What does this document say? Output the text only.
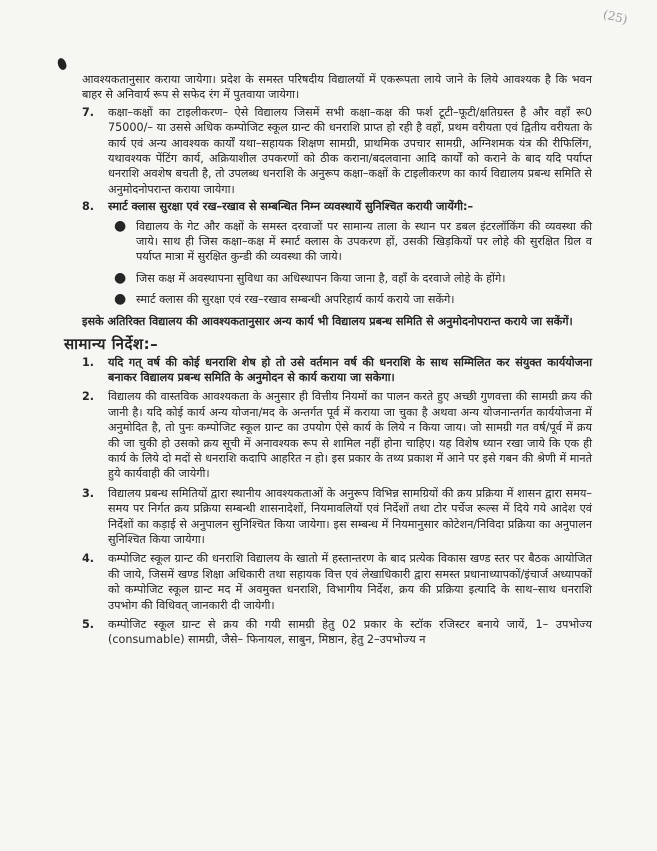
(25)

आवश्यकतानुसार कराया जायेगा। प्रदेश के समस्त परिषदीय विद्यालयों में एकरूपता लाये जाने के लिये आवश्यक है कि भवन बाहर से अनिवार्य रूप से सफेद रंग में पुतवाया जायेगा।

7. कक्षा–कक्षों का टाइलीकरण– ऐसे विद्यालय जिसमें सभी कक्षा–कक्ष की फर्श टूटी–फूटी/क्षतिग्रस्त है और वहाँ रू0 75000/– या उससे अधिक कम्पोजिट स्कूल ग्रान्ट की धनराशि प्राप्त हो रही है वहाँ, प्रथम वरीयता एवं द्वितीय वरीयता के कार्य एवं अन्य आवश्यक कार्यों यथा–सहायक शिक्षण सामग्री, प्राथमिक उपचार सामग्री, अग्निशमक यंत्र की रीफिलिंग, यथावश्यक पेंटिंग कार्य, अक्रियाशील उपकरणों को ठीक कराना/बदलवाना आदि कार्यों को कराने के बाद यदि पर्याप्त धनराशि अवशेष बचती है, तो उपलब्ध धनराशि के अनुरूप कक्षा–कक्षों के टाइलीकरण का कार्य विद्यालय प्रबन्ध समिति से अनुमोदनोपरान्त कराया जायेगा।

8. स्मार्ट क्लास सुरक्षा एवं रख–रखाव से सम्बन्धित निम्न व्यवस्थायें सुनिश्चित करायी जायेंगी:–

● विद्यालय के गेट और कक्षों के समस्त दरवाजों पर सामान्य ताला के स्थान पर डबल इंटरलॉकिंग की व्यवस्था की जाये। साथ ही जिस कक्षा–कक्ष में स्मार्ट क्लास के उपकरण हों, उसकी खिड़कियों पर लोहे की सुरक्षित ग्रिल व पर्याप्त मात्रा में सुरक्षित कुन्डी की व्यवस्था की जाये।

● जिस कक्ष में अवस्थापना सुविधा का अधिस्थापन किया जाना है, वहाँ के दरवाजे लोहे के होंगे।

● स्मार्ट क्लास की सुरक्षा एवं रख–रखाव सम्बन्धी अपरिहार्य कार्य कराये जा सकेंगे।

इसके अतिरिक्त विद्यालय की आवश्यकतानुसार अन्य कार्य भी विद्यालय प्रबन्ध समिति से अनुमोदनोपरान्त कराये जा सकेंगें।

सामान्य निर्देश:–
1. यदि गत् वर्ष की कोई धनराशि शेष हो तो उसे वर्तमान वर्ष की धनराशि के साथ सम्मिलित कर संयुक्त कार्ययोजना बनाकर विद्यालय प्रबन्ध समिति के अनुमोदन से कार्य कराया जा सकेगा।

2. विद्यालय की वास्तविक आवश्यकता के अनुसार ही वित्तीय नियमों का पालन करते हुए अच्छी गुणवत्ता की सामग्री क्रय की जानी है। यदि कोई कार्य अन्य योजना/मद के अन्तर्गत पूर्व में कराया जा चुका है अथवा अन्य योजनान्तर्गत कार्ययोजना में अनुमोदित है, तो पुनः कम्पोजिट स्कूल ग्रान्ट का उपयोग ऐसे कार्य के लिये न किया जाय। जो सामग्री गत वर्ष/पूर्व में क्रय की जा चुकी हो उसको क्रय सूची में अनावश्यक रूप से शामिल नहीं होना चाहिए। यह विशेष ध्यान रखा जाये कि एक ही कार्य के लिये दो मदों से धनराशि कदापि आहरित न हो। इस प्रकार के तथ्य प्रकाश में आने पर इसे गबन की श्रेणी में मानते हुये कार्यवाही की जायेगी।

3. विद्यालय प्रबन्ध समितियों द्वारा स्थानीय आवश्यकताओं के अनुरूप विभिन्न सामग्रियों की क्रय प्रक्रिया में शासन द्वारा समय–समय पर निर्गत क्रय प्रक्रिया सम्बन्धी शासनादेशों, नियमावलियों एवं निर्देशों तथा टोर पर्चेज रूल्स में दिये गये आदेश एवं निर्देशों का कड़ाई से अनुपालन सुनिश्चित किया जायेगा। इस सम्बन्ध में नियमानुसार कोटेशन/निविदा प्रक्रिया का अनुपालन सुनिश्चित किया जायेगा।

4. कम्पोजिट स्कूल ग्रान्ट की धनराशि विद्यालय के खातो में हस्तान्तरण के बाद प्रत्येक विकास खण्ड स्तर पर बैठक आयोजित की जाये, जिसमें खण्ड शिक्षा अधिकारी तथा सहायक वित्त एवं लेखाधिकारी द्वारा समस्त प्रधानाध्यापकों/इंचार्ज अध्यापकों को कम्पोजिट स्कूल ग्रान्ट मद में अवमुक्त धनराशि, विभागीय निर्देश, क्रय की प्रक्रिया इत्यादि के साथ–साथ धनराशि उपभोग की विधिवत् जानकारी दी जायेगी।

5. कम्पोजिट स्कूल ग्रान्ट से क्रय की गयी सामग्री हेतु 02 प्रकार के स्टॉक रजिस्टर बनाये जायें, 1– उपभोज्य (consumable) सामग्री, जैसे– फिनायल, साबुन, मिष्ठान, हेतु 2–उपभोज्य न
